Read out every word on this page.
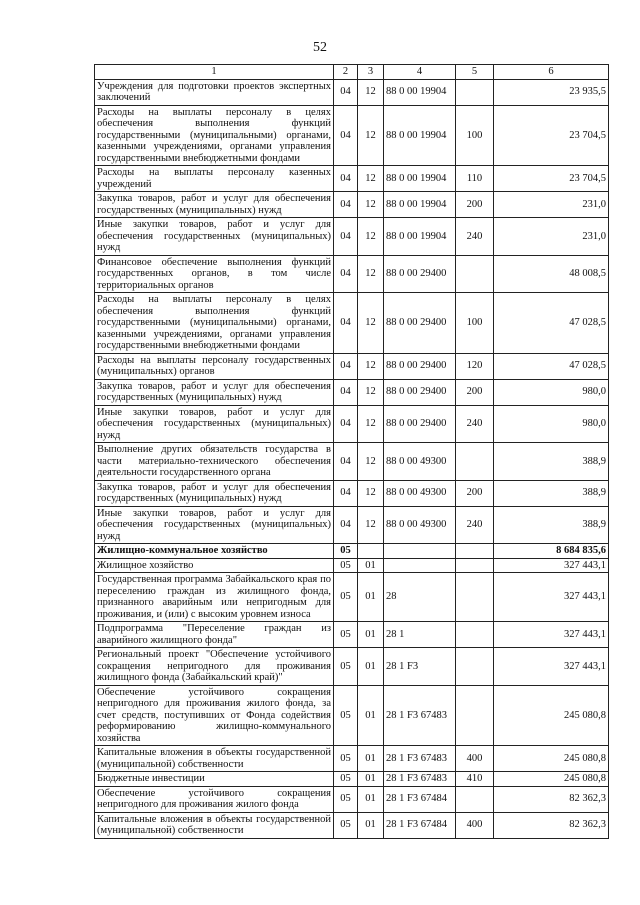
52
1	2	3	4	5	6
Учреждения для подготовки проектов экспертных заключений	04	12	88 0 00 19904		23 935,5
Расходы на выплаты персоналу в целях обеспечения выполнения функций государственными (муниципальными) органами, казенными учреждениями, органами управления государственными внебюджетными фондами	04	12	88 0 00 19904	100	23 704,5
Расходы на выплаты персоналу казенных учреждений	04	12	88 0 00 19904	110	23 704,5
Закупка товаров, работ и услуг для обеспечения государственных (муниципальных) нужд	04	12	88 0 00 19904	200	231,0
Иные закупки товаров, работ и услуг для обеспечения государственных (муниципальных) нужд	04	12	88 0 00 19904	240	231,0
Финансовое обеспечение выполнения функций государственных органов, в том числе территориальных органов	04	12	88 0 00 29400		48 008,5
Расходы на выплаты персоналу в целях обеспечения выполнения функций государственными (муниципальными) органами, казенными учреждениями, органами управления государственными внебюджетными фондами	04	12	88 0 00 29400	100	47 028,5
Расходы на выплаты персоналу государственных (муниципальных) органов	04	12	88 0 00 29400	120	47 028,5
Закупка товаров, работ и услуг для обеспечения государственных (муниципальных) нужд	04	12	88 0 00 29400	200	980,0
Иные закупки товаров, работ и услуг для обеспечения государственных (муниципальных) нужд	04	12	88 0 00 29400	240	980,0
Выполнение других обязательств государства в части материально-технического обеспечения деятельности государственного органа	04	12	88 0 00 49300		388,9
Закупка товаров, работ и услуг для обеспечения государственных (муниципальных) нужд	04	12	88 0 00 49300	200	388,9
Иные закупки товаров, работ и услуг для обеспечения государственных (муниципальных) нужд	04	12	88 0 00 49300	240	388,9
Жилищно-коммунальное хозяйство	05				8 684 835,6
Жилищное хозяйство	05	01			327 443,1
Государственная программа Забайкальского края по переселению граждан из жилищного фонда, признанного аварийным или непригодным для проживания, и (или) с высоким уровнем износа	05	01	28		327 443,1
Подпрограмма "Переселение граждан из аварийного жилищного фонда"	05	01	28 1		327 443,1
Региональный проект "Обеспечение устойчивого сокращения непригодного для проживания жилищного фонда (Забайкальский край)"	05	01	28 1 F3		327 443,1
Обеспечение устойчивого сокращения непригодного для проживания жилого фонда, за счет средств, поступивших от Фонда содействия реформированию жилищно-коммунального хозяйства	05	01	28 1 F3 67483		245 080,8
Капитальные вложения в объекты государственной (муниципальной) собственности	05	01	28 1 F3 67483	400	245 080,8
Бюджетные инвестиции	05	01	28 1 F3 67483	410	245 080,8
Обеспечение устойчивого сокращения непригодного для проживания жилого фонда	05	01	28 1 F3 67484		82 362,3
Капитальные вложения в объекты государственной (муниципальной) собственности	05	01	28 1 F3 67484	400	82 362,3
